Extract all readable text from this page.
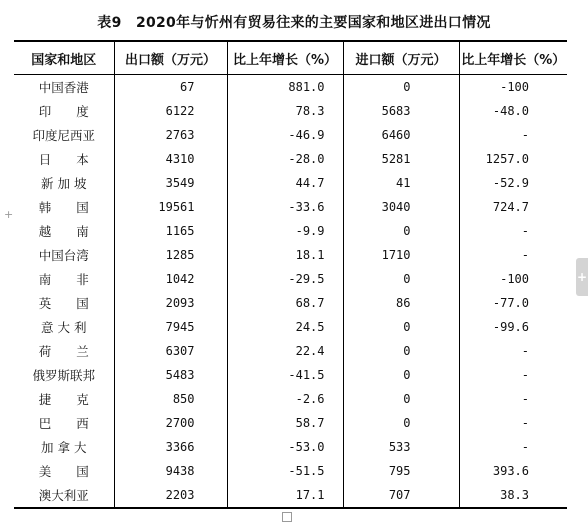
表9　2020年与忻州有贸易往来的主要国家和地区进出口情况
+
国家和地区	出口额（万元）	比上年增长（%）	进口额（万元）	比上年增长（%）
中国香港	67	881.0	0	-100
印　　度	6122	78.3	5683	-48.0
印度尼西亚	2763	-46.9	6460	-
日　　本	4310	-28.0	5281	1257.0
新 加 坡	3549	44.7	41	-52.9
韩　　国	19561	-33.6	3040	724.7
越　　南	1165	-9.9	0	-
中国台湾	1285	18.1	1710	-
南　　非	1042	-29.5	0	-100
英　　国	2093	68.7	86	-77.0
意 大 利	7945	24.5	0	-99.6
荷　　兰	6307	22.4	0	-
俄罗斯联邦	5483	-41.5	0	-
捷　　克	850	-2.6	0	-
巴　　西	2700	58.7	0	-
加 拿 大	3366	-53.0	533	-
美　　国	9438	-51.5	795	393.6
澳大利亚	2203	17.1	707	38.3
+
